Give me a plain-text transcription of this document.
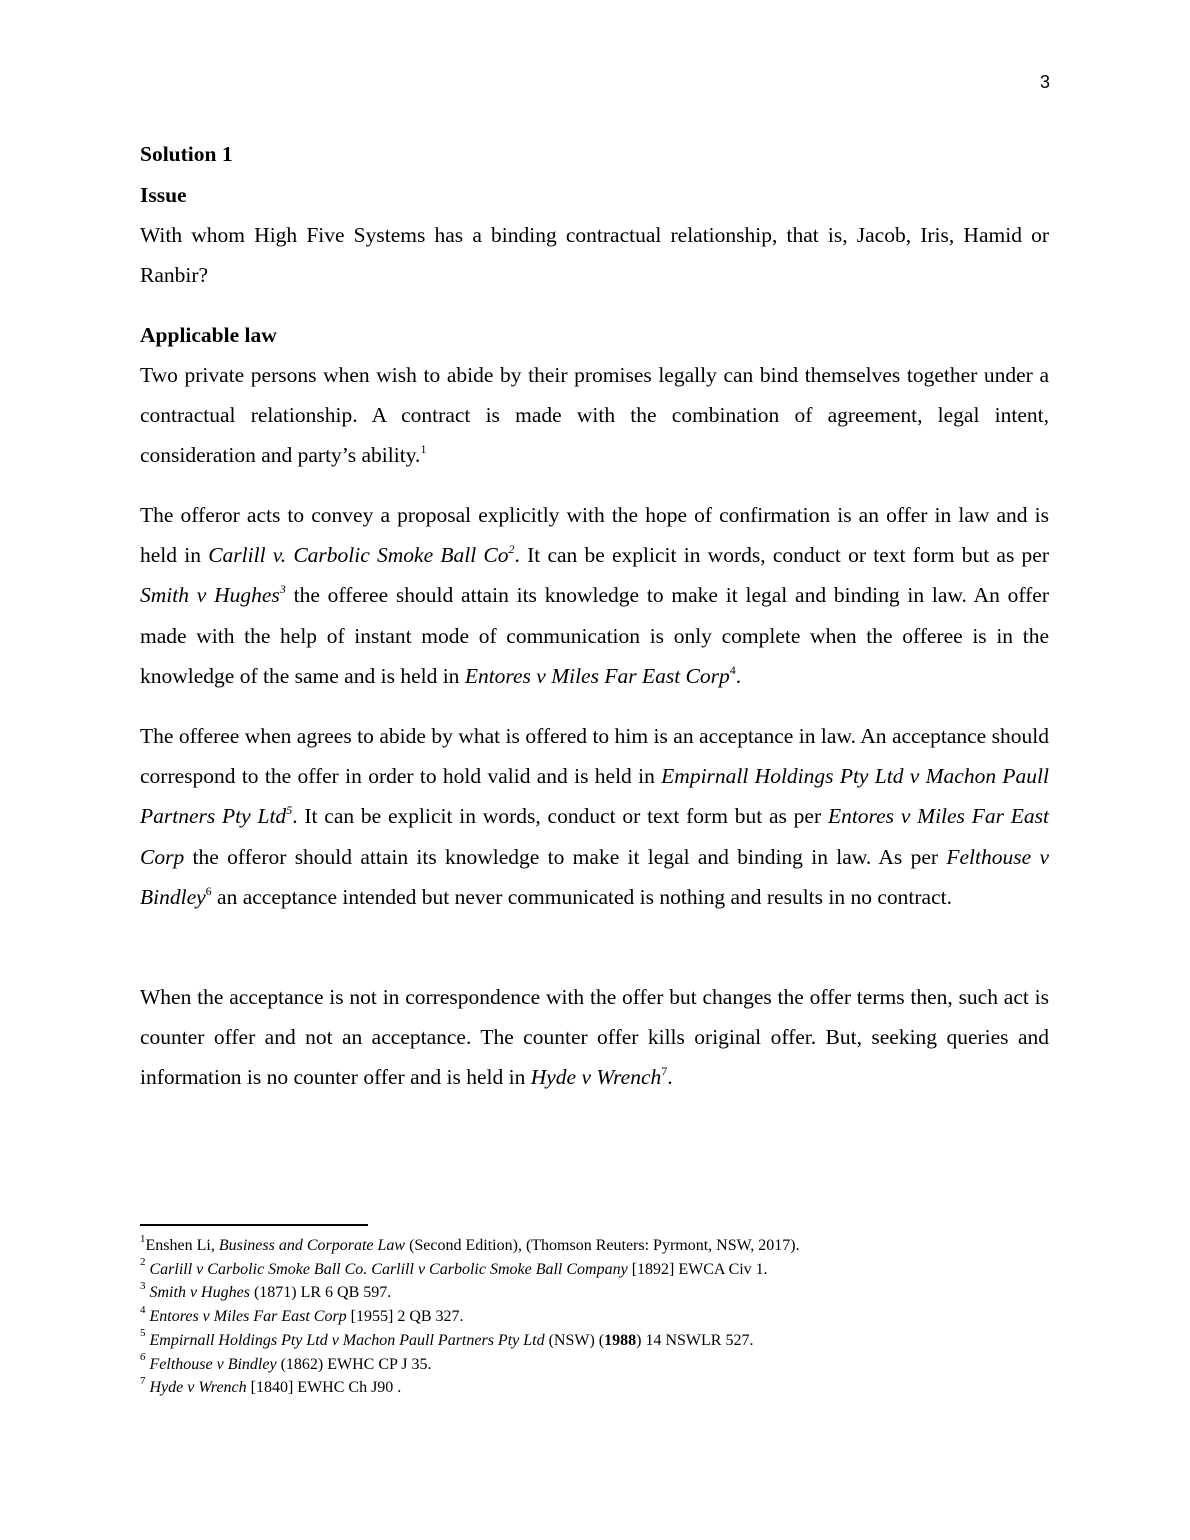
3
Solution 1
Issue

With whom High Five Systems has a binding contractual relationship, that is, Jacob, Iris, Hamid or Ranbir?

Applicable law

Two private persons when wish to abide by their promises legally can bind themselves together under a contractual relationship. A contract is made with the combination of agreement, legal intent, consideration and party’s ability.$^1$

The offeror acts to convey a proposal explicitly with the hope of confirmation is an offer in law and is held in Carlill v. Carbolic Smoke Ball Co$^2$. It can be explicit in words, conduct or text form but as per Smith v Hughes$^3$ the offeree should attain its knowledge to make it legal and binding in law. An offer made with the help of instant mode of communication is only complete when the offeree is in the knowledge of the same and is held in Entores v Miles Far East Corp$^4$.

The offeree when agrees to abide by what is offered to him is an acceptance in law. An acceptance should correspond to the offer in order to hold valid and is held in Empirnall Holdings Pty Ltd v Machon Paull Partners Pty Ltd$^5$. It can be explicit in words, conduct or text form but as per Entores v Miles Far East Corp the offeror should attain its knowledge to make it legal and binding in law. As per Felthouse v Bindley$^6$ an acceptance intended but never communicated is nothing and results in no contract.

When the acceptance is not in correspondence with the offer but changes the offer terms then, such act is counter offer and not an acceptance. The counter offer kills original offer. But, seeking queries and information is no counter offer and is held in Hyde v Wrench$^7$.

$^1$Enshen Li, Business and Corporate Law (Second Edition), (Thomson Reuters: Pyrmont, NSW, 2017).

$^2$ Carlill v Carbolic Smoke Ball Co. Carlill v Carbolic Smoke Ball Company [1892] EWCA Civ 1.

$^3$ Smith v Hughes (1871) LR 6 QB 597.

$^4$ Entores v Miles Far East Corp [1955] 2 QB 327.

$^5$ Empirnall Holdings Pty Ltd v Machon Paull Partners Pty Ltd (NSW) (1988) 14 NSWLR 527.

$^6$ Felthouse v Bindley (1862) EWHC CP J 35.

$^7$ Hyde v Wrench [1840] EWHC Ch J90 .
